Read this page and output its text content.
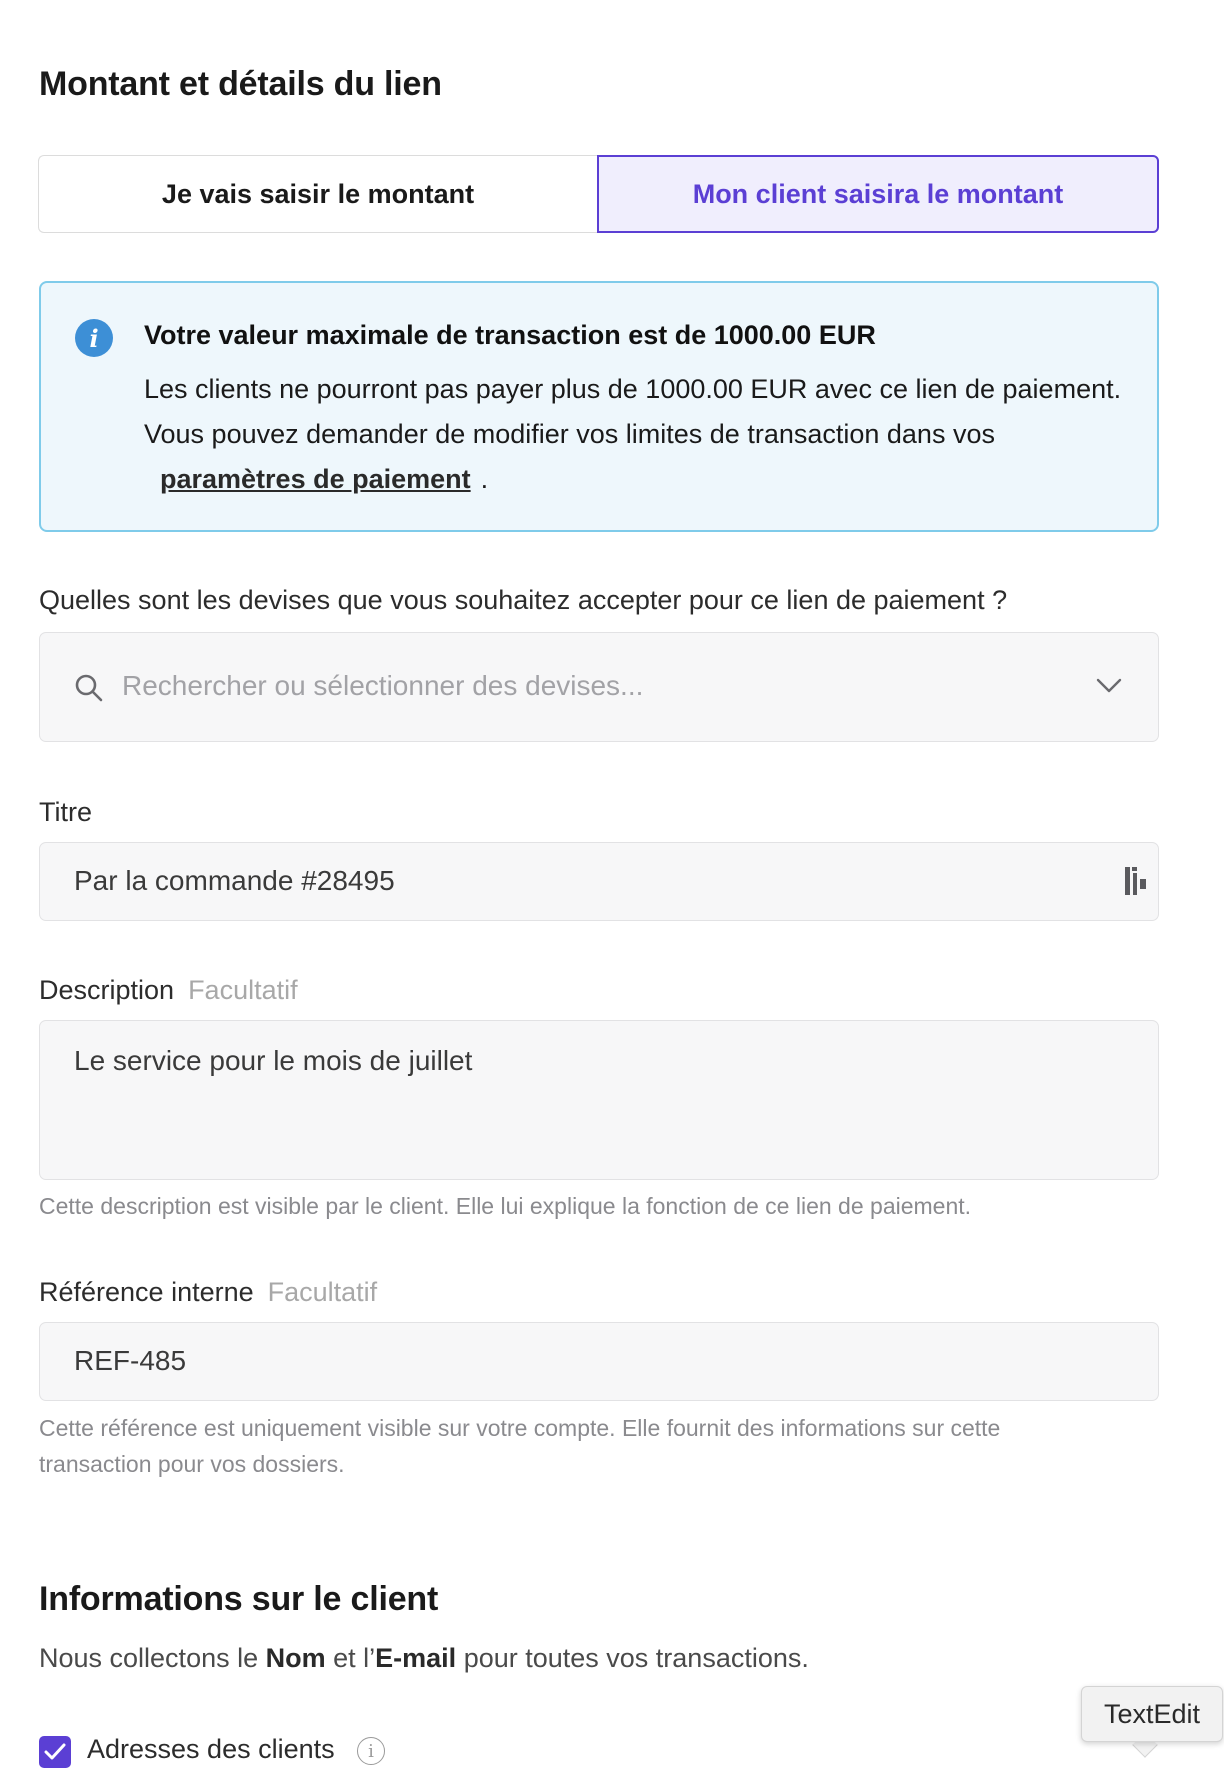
Montant et détails du lien
Je vais saisir le montant	Mon client saisira le montant
i	Votre valeur maximale de transaction est de 1000.00 EUR
Les clients ne pourront pas payer plus de 1000.00 EUR avec ce lien de paiement. Vous pouvez demander de modifier vos limites de transaction dans vos paramètres de paiement .
Quelles sont les devises que vous souhaitez accepter pour ce lien de paiement ?
Rechercher ou sélectionner des devises...
Titre
Par la commande #28495
Description Facultatif
Le service pour le mois de juillet
Cette description est visible par le client. Elle lui explique la fonction de ce lien de paiement.
Référence interne Facultatif
REF-485
Cette référence est uniquement visible sur votre compte. Elle fournit des informations sur cette transaction pour vos dossiers.
Informations sur le client
Nous collectons le Nom et l’E-mail pour toutes vos transactions.
Adresses des clients	i
TextEdit
